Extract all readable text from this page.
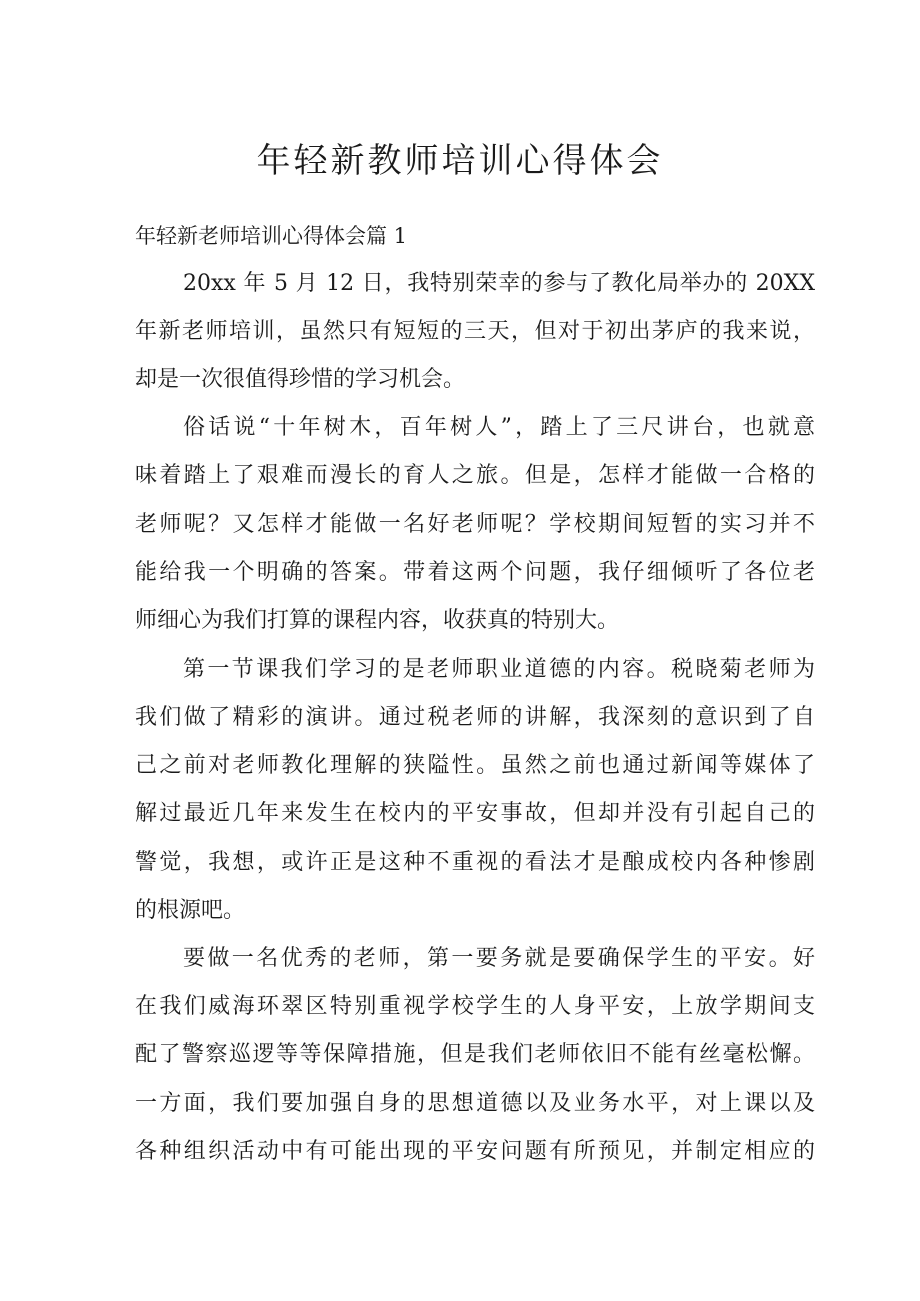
年轻新教师培训心得体会
年轻新老师培训心得体会篇 1
20xx 年 5 月 12 日，我特别荣幸的参与了教化局举办的 20XX
年新老师培训，虽然只有短短的三天，但对于初出茅庐的我来说，
却是一次很值得珍惜的学习机会。
俗话说“十年树木，百年树人”，踏上了三尺讲台，也就意
味着踏上了艰难而漫长的育人之旅。但是，怎样才能做一合格的
老师呢？又怎样才能做一名好老师呢？学校期间短暂的实习并不
能给我一个明确的答案。带着这两个问题，我仔细倾听了各位老
师细心为我们打算的课程内容，收获真的特别大。
第一节课我们学习的是老师职业道德的内容。税晓菊老师为
我们做了精彩的演讲。通过税老师的讲解，我深刻的意识到了自
己之前对老师教化理解的狭隘性。虽然之前也通过新闻等媒体了
解过最近几年来发生在校内的平安事故，但却并没有引起自己的
警觉，我想，或许正是这种不重视的看法才是酿成校内各种惨剧
的根源吧。
要做一名优秀的老师，第一要务就是要确保学生的平安。好
在我们威海环翠区特别重视学校学生的人身平安，上放学期间支
配了警察巡逻等等保障措施，但是我们老师依旧不能有丝毫松懈。
一方面，我们要加强自身的思想道德以及业务水平，对上课以及
各种组织活动中有可能出现的平安问题有所预见，并制定相应的
